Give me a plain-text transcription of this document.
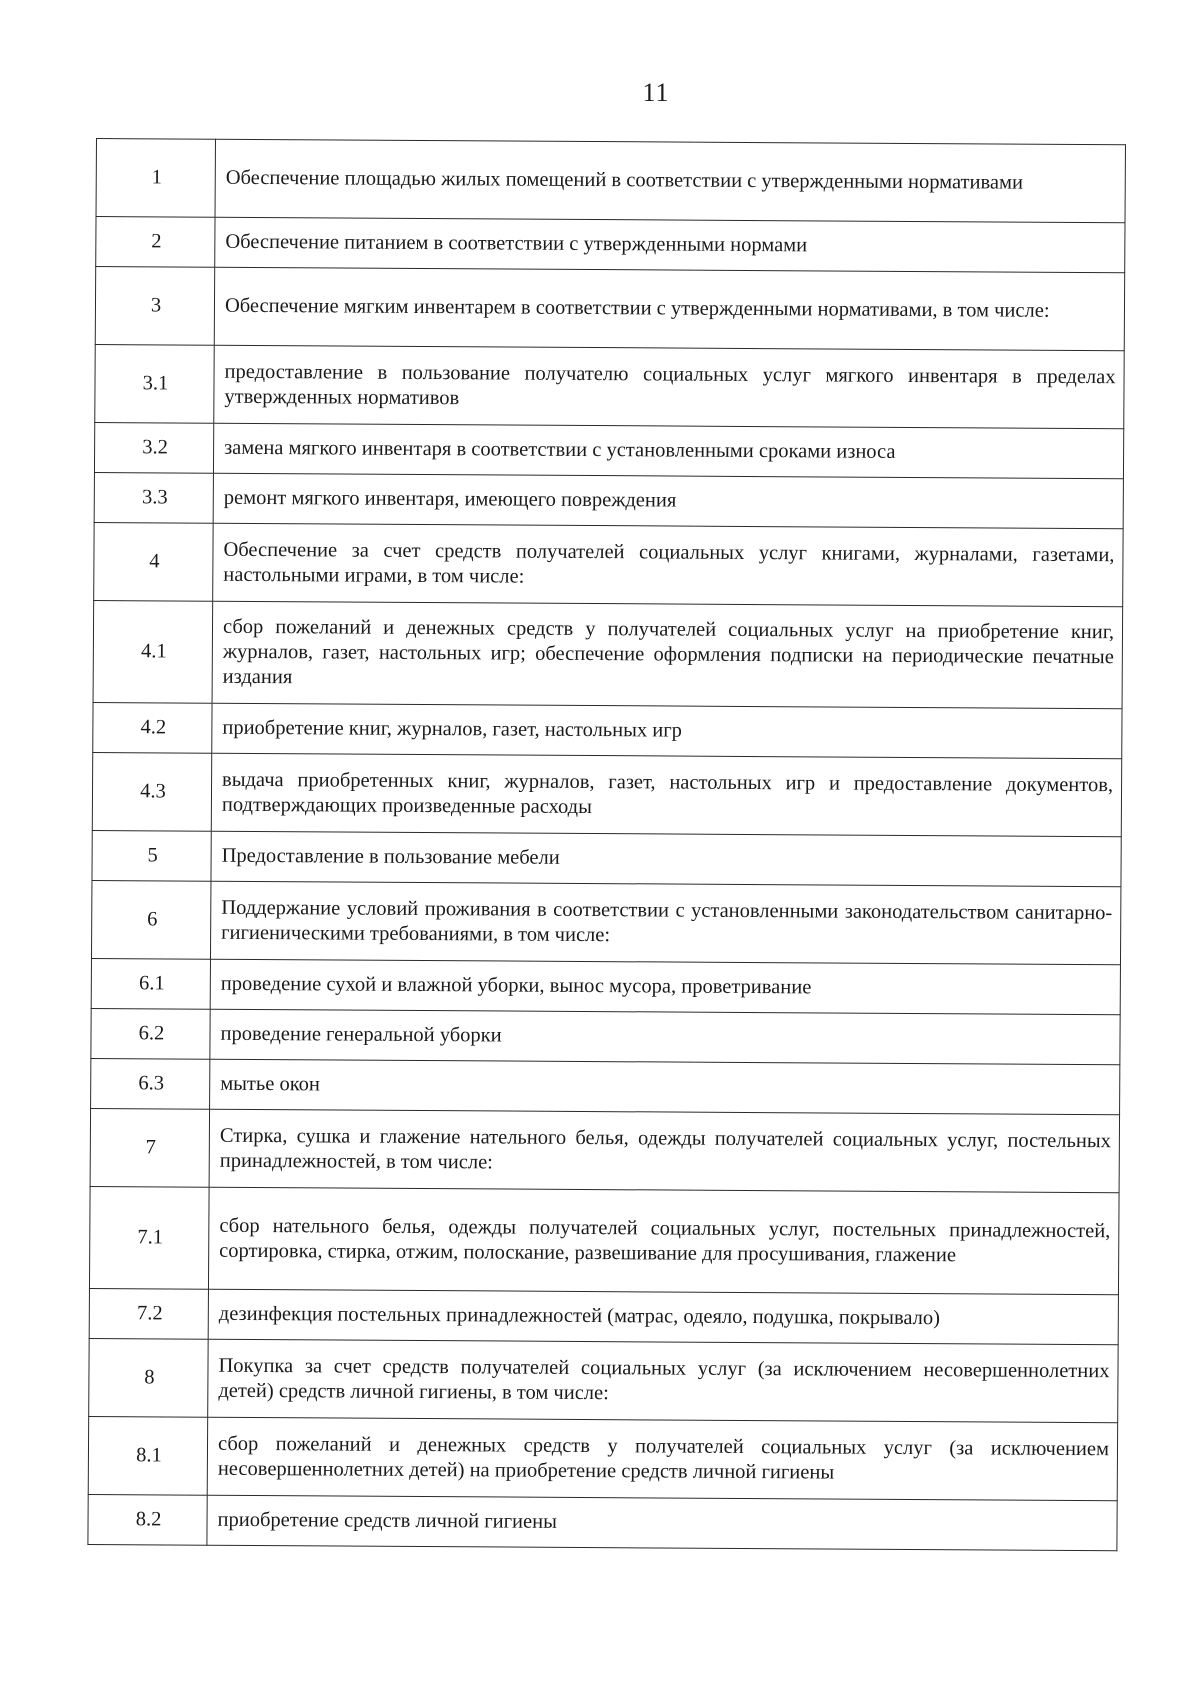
11
1	Обеспечение площадью жилых помещений в соответствии с утвержденными нормативами
2	Обеспечение питанием в соответствии с утвержденными нормами
3	Обеспечение мягким инвентарем в соответствии с утвержденными нормативами, в том числе:
3.1	предоставление в пользование получателю социальных услуг мягкого инвентаря в пределах утвержденных нормативов
3.2	замена мягкого инвентаря в соответствии с установленными сроками износа
3.3	ремонт мягкого инвентаря, имеющего повреждения
4	Обеспечение за счет средств получателей социальных услуг книгами, журналами, газетами, настольными играми, в том числе:
4.1	сбор пожеланий и денежных средств у получателей социальных услуг на приобретение книг, журналов, газет, настольных игр; обеспечение оформления подписки на периодические печатные издания
4.2	приобретение книг, журналов, газет, настольных игр
4.3	выдача приобретенных книг, журналов, газет, настольных игр и предоставление документов, подтверждающих произведенные расходы
5	Предоставление в пользование мебели
6	Поддержание условий проживания в соответствии с установленными законодательством санитарно-гигиеническими требованиями, в том числе:
6.1	проведение сухой и влажной уборки, вынос мусора, проветривание
6.2	проведение генеральной уборки
6.3	мытье окон
7	Стирка, сушка и глажение нательного белья, одежды получателей социальных услуг, постельных принадлежностей, в том числе:
7.1	сбор нательного белья, одежды получателей социальных услуг, постельных принадлежностей, сортировка, стирка, отжим, полоскание, развешивание для просушивания, глажение
7.2	дезинфекция постельных принадлежностей (матрас, одеяло, подушка, покрывало)
8	Покупка за счет средств получателей социальных услуг (за исключением несовершеннолетних детей) средств личной гигиены, в том числе:
8.1	сбор пожеланий и денежных средств у получателей социальных услуг (за исключением несовершеннолетних детей) на приобретение средств личной гигиены
8.2	приобретение средств личной гигиены
